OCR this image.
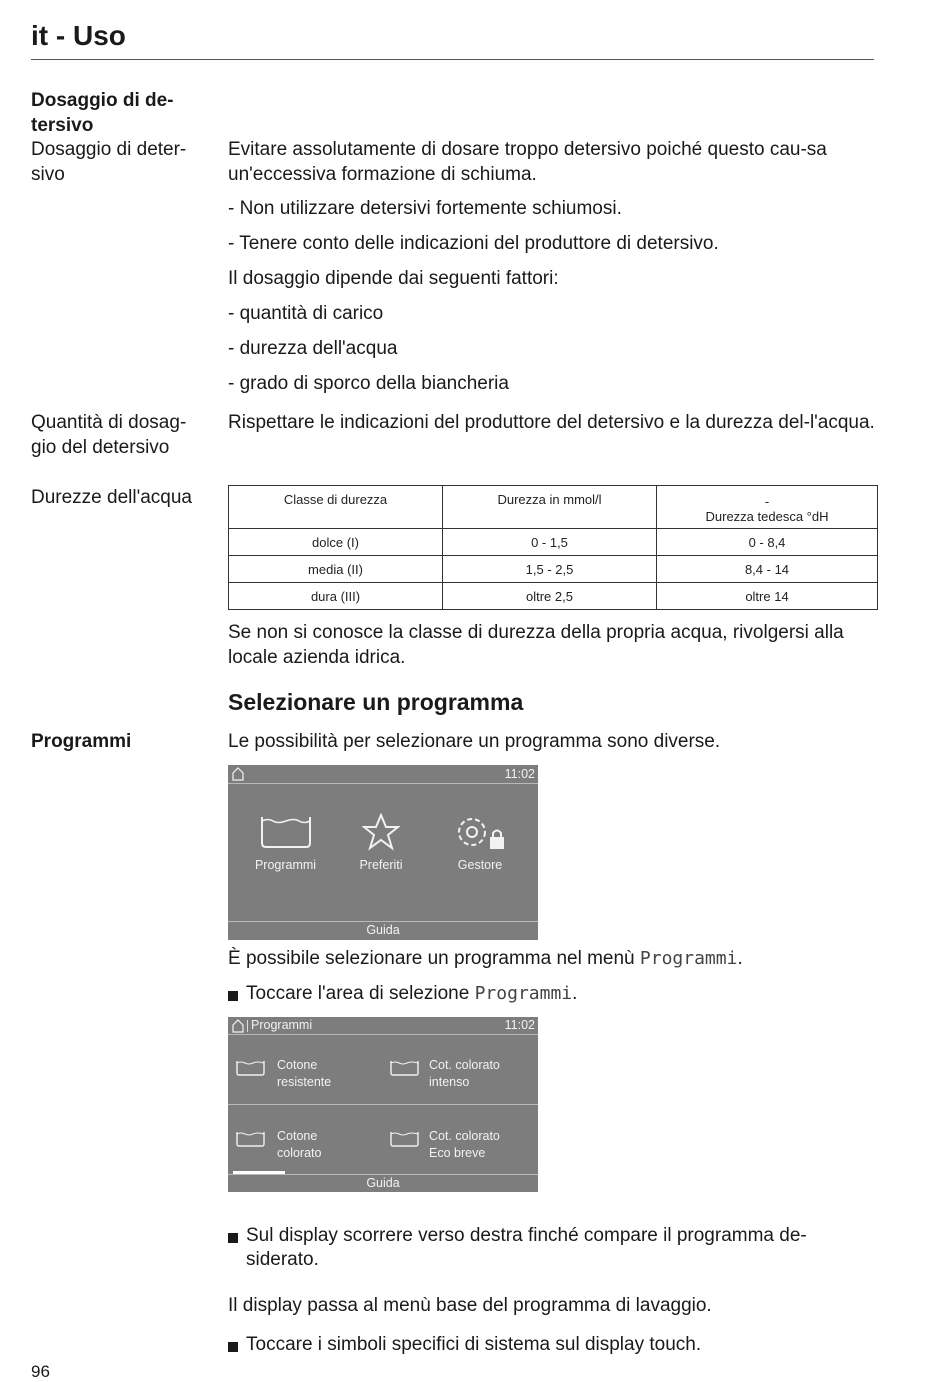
it - Uso
Dosaggio di de-
tersivo
Dosaggio di deter-
sivo
Evitare assolutamente di dosare troppo detersivo poiché questo cau-sa un'eccessiva formazione di schiuma.
- Non utilizzare detersivi fortemente schiumosi.
- Tenere conto delle indicazioni del produttore di detersivo.
Il dosaggio dipende dai seguenti fattori:
- quantità di carico
- durezza dell'acqua
- grado di sporco della biancheria
Quantità di dosag-
gio del detersivo
Rispettare le indicazioni del produttore del detersivo e la durezza del-l'acqua.
Durezze dell'acqua	Classe di durezza	Durezza in mmol/l	-
Durezza tedesca °dH

dolce (I)	0 - 1,5	0 - 8,4
media (II)	1,5 - 2,5	8,4 - 14
dura (III)	oltre 2,5	oltre 14
Se non si conosce la classe di durezza della propria acqua, rivolgersi alla locale azienda idrica.
Selezionare un programma
Programmi	Le possibilità per selezionare un programma sono diverse.
11:02
Programmi	Preferiti	Gestore
Guida
È possibile selezionare un programma nel menù Programmi.
Toccare l'area di selezione Programmi.
Programmi	11:02
Cotone
resistente
Cot. colorato
intenso
Cotone
colorato
Cot. colorato
Eco breve
Guida
Sul display scorrere verso destra finché compare il programma de-siderato.
Toccare i simboli specifici di sistema sul display touch.
Il display passa al menù base del programma di lavaggio.
96
